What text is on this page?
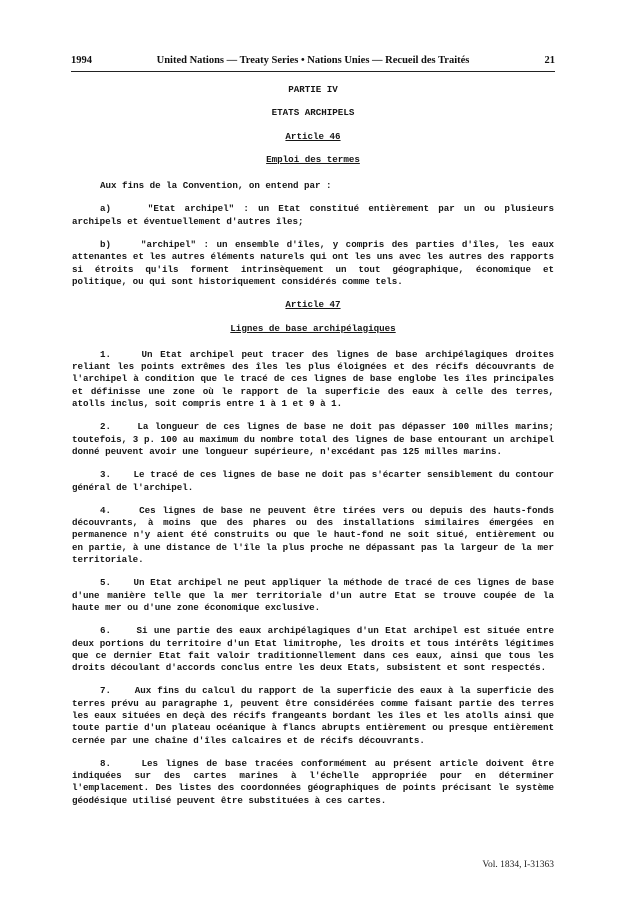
1994	United Nations — Treaty Series • Nations Unies — Recueil des Traités	21
PARTIE IV
ETATS ARCHIPELS
Article 46
Emploi des termes

Aux fins de la Convention, on entend par :

a)    "Etat archipel" : un Etat constitué entièrement par un ou plusieurs archipels et éventuellement d'autres îles;

b)    "archipel" : un ensemble d'îles, y compris des parties d'îles, les eaux attenantes et les autres éléments naturels qui ont les uns avec les autres des rapports si étroits qu'ils forment intrinsèquement un tout géographique, économique et politique, ou qui sont historiquement considérés comme tels.

Article 47
Lignes de base archipélagiques

1.    Un Etat archipel peut tracer des lignes de base archipélagiques droites reliant les points extrêmes des îles les plus éloignées et des récifs découvrants de l'archipel à condition que le tracé de ces lignes de base englobe les îles principales et définisse une zone où le rapport de la superficie des eaux à celle des terres, atolls inclus, soit compris entre 1 à 1 et 9 à 1.

2.    La longueur de ces lignes de base ne doit pas dépasser 100 milles marins; toutefois, 3 p. 100 au maximum du nombre total des lignes de base entourant un archipel donné peuvent avoir une longueur supérieure, n'excédant pas 125 milles marins.

3.    Le tracé de ces lignes de base ne doit pas s'écarter sensiblement du contour général de l'archipel.

4.    Ces lignes de base ne peuvent être tirées vers ou depuis des hauts-fonds découvrants, à moins que des phares ou des installations similaires émergées en permanence n'y aient été construits ou que le haut-fond ne soit situé, entièrement ou en partie, à une distance de l'île la plus proche ne dépassant pas la largeur de la mer territoriale.

5.    Un Etat archipel ne peut appliquer la méthode de tracé de ces lignes de base d'une manière telle que la mer territoriale d'un autre Etat se trouve coupée de la haute mer ou d'une zone économique exclusive.

6.    Si une partie des eaux archipélagiques d'un Etat archipel est située entre deux portions du territoire d'un Etat limitrophe, les droits et tous intérêts légitimes que ce dernier Etat fait valoir traditionnellement dans ces eaux, ainsi que tous les droits découlant d'accords conclus entre les deux Etats, subsistent et sont respectés.

7.    Aux fins du calcul du rapport de la superficie des eaux à la superficie des terres prévu au paragraphe 1, peuvent être considérées comme faisant partie des terres les eaux situées en deçà des récifs frangeants bordant les îles et les atolls ainsi que toute partie d'un plateau océanique à flancs abrupts entièrement ou presque entièrement cernée par une chaîne d'îles calcaires et de récifs découvrants.

8.    Les lignes de base tracées conformément au présent article doivent être indiquées sur des cartes marines à l'échelle appropriée pour en déterminer l'emplacement. Des listes des coordonnées géographiques de points précisant le système géodésique utilisé peuvent être substituées à ces cartes.

Vol. 1834, I-31363
